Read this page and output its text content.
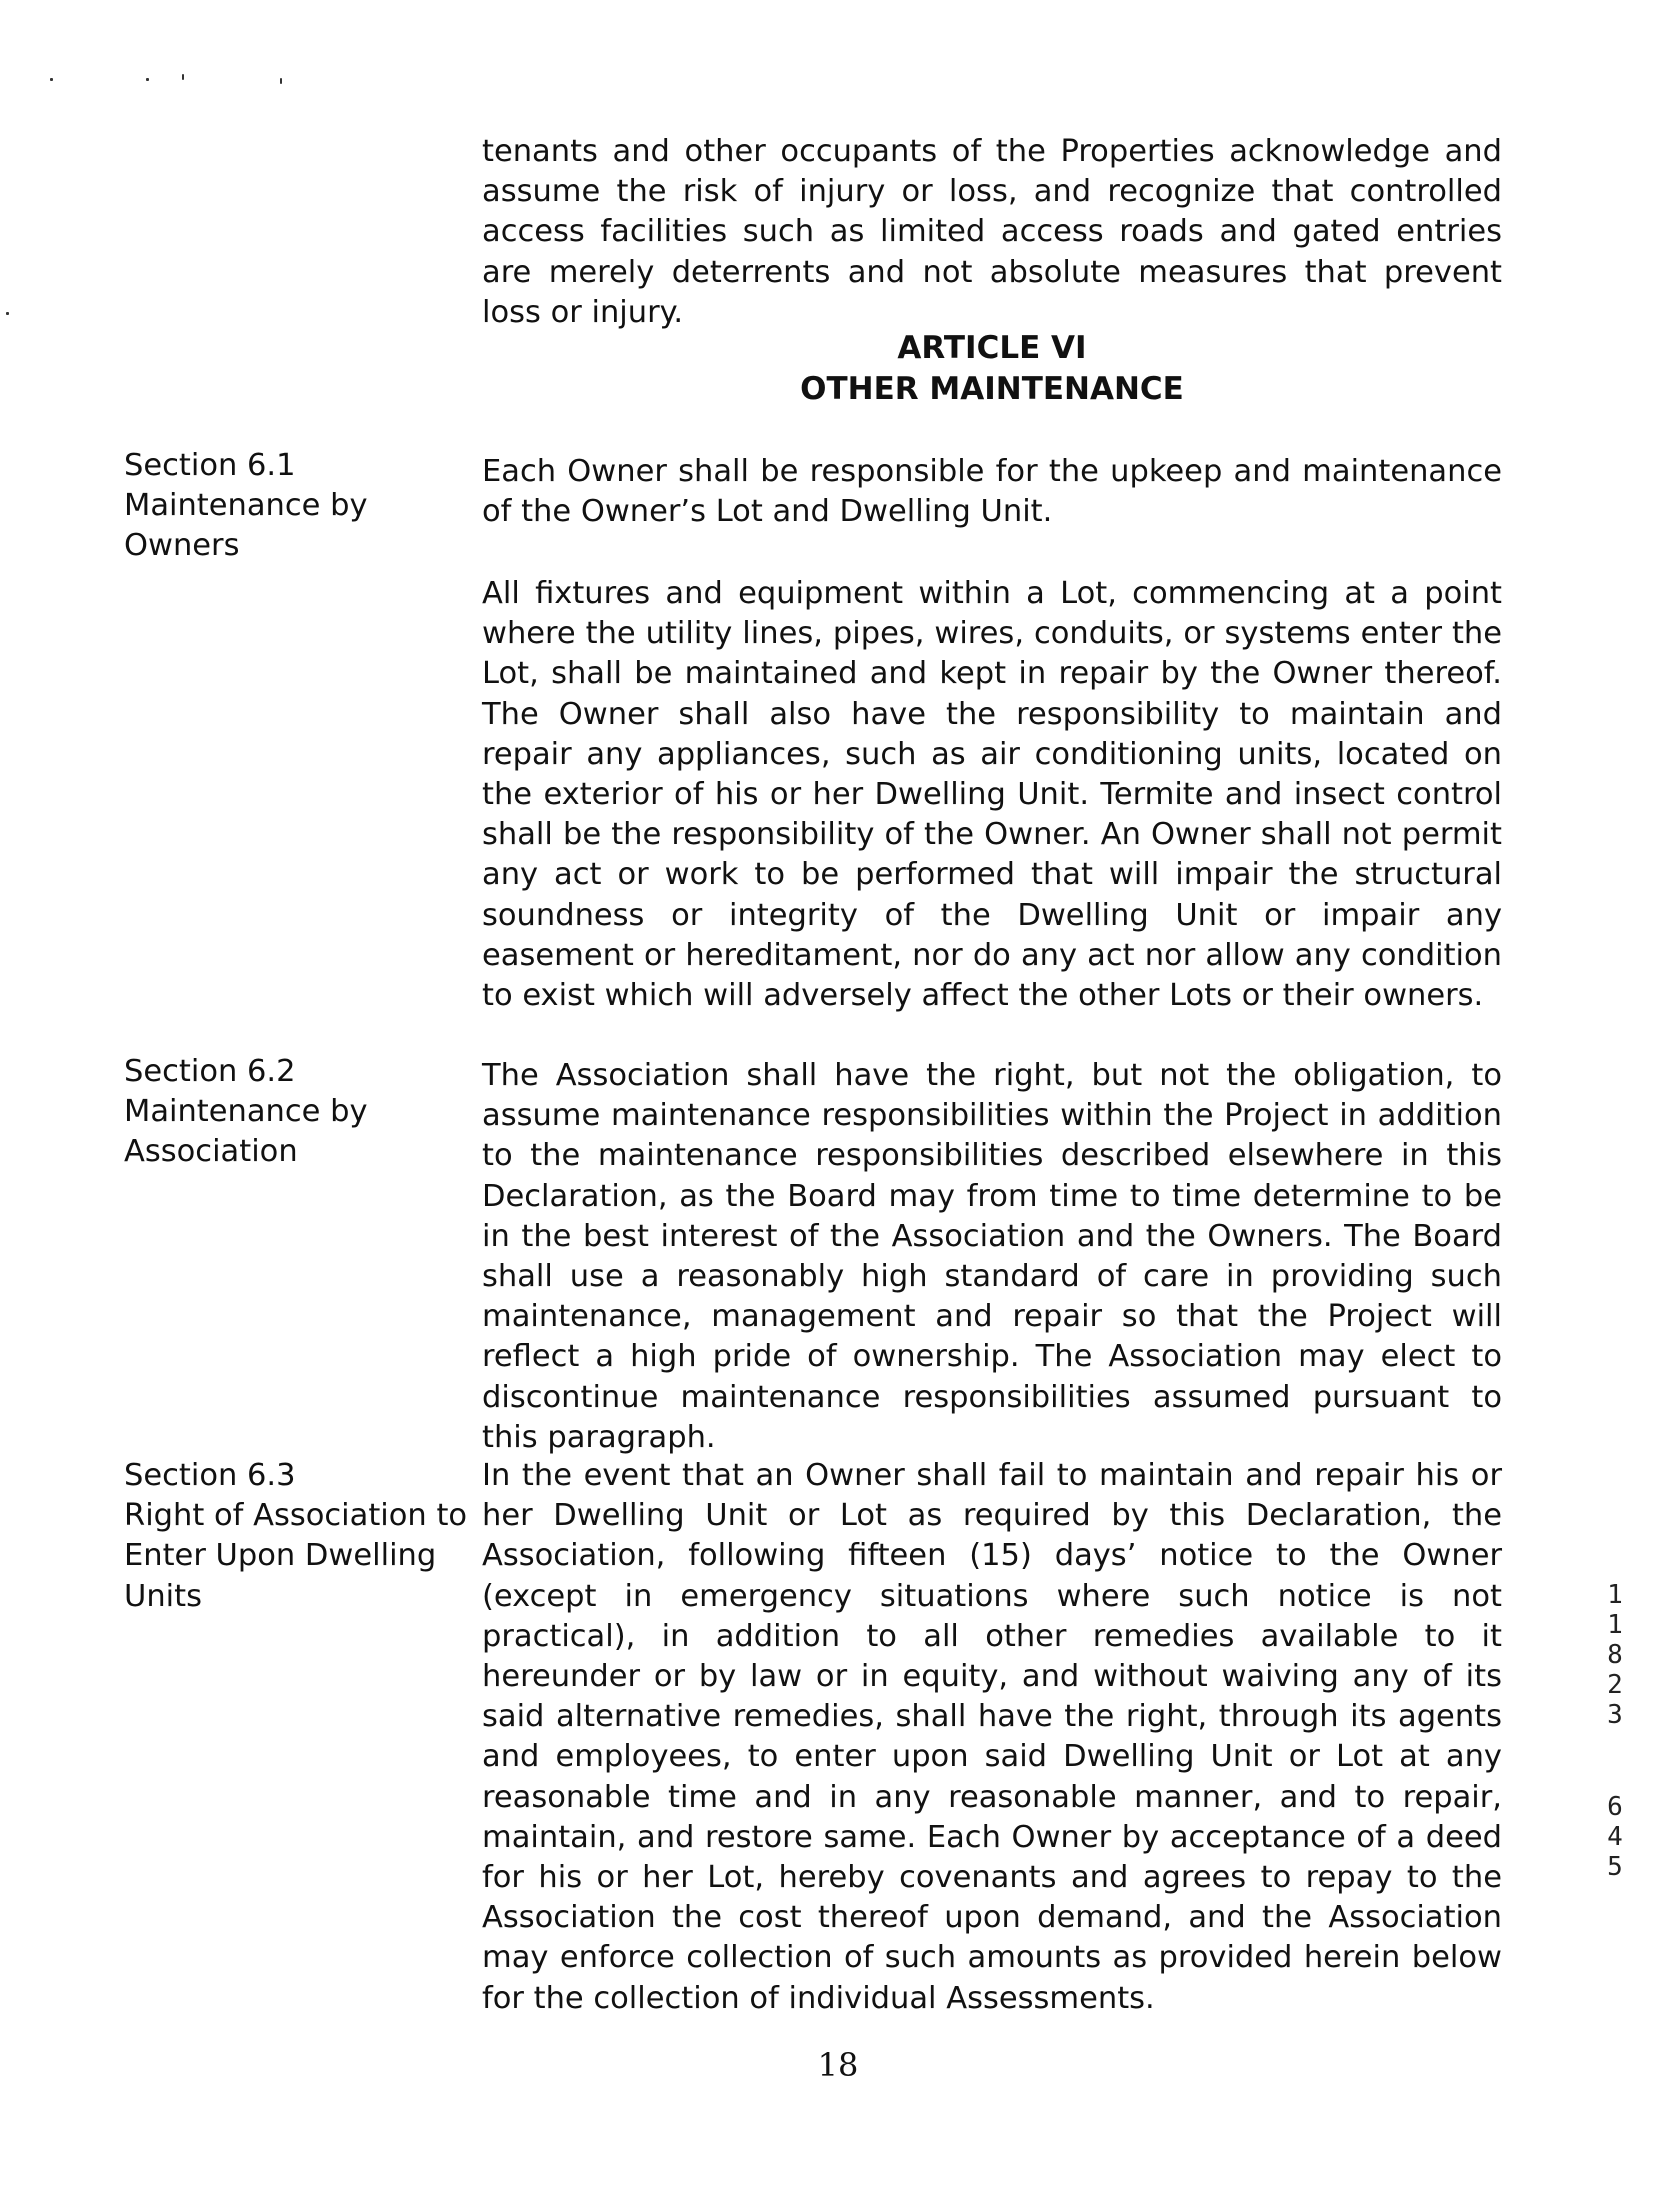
tenants and other occupants of the Properties acknowledge and assume the risk of injury or loss, and recognize that controlled access facilities such as limited access roads and gated entries are merely deterrents and not absolute measures that prevent loss or injury.

ARTICLE VI
OTHER MAINTENANCE
Section 6.1
Maintenance by
Owners

Each Owner shall be responsible for the upkeep and maintenance of the Owner’s Lot and Dwelling Unit.

All fixtures and equipment within a Lot, commencing at a point where the utility lines, pipes, wires, conduits, or systems enter the Lot, shall be maintained and kept in repair by the Owner thereof. The Owner shall also have the responsibility to maintain and repair any appliances, such as air conditioning units, located on the exterior of his or her Dwelling Unit. Termite and insect control shall be the responsibility of the Owner. An Owner shall not permit any act or work to be performed that will impair the structural soundness or integrity of the Dwelling Unit or impair any easement or hereditament, nor do any act nor allow any condition to exist which will adversely affect the other Lots or their owners.

Section 6.2
Maintenance by
Association

The Association shall have the right, but not the obligation, to assume maintenance responsibilities within the Project in addition to the maintenance responsibilities described elsewhere in this Declaration, as the Board may from time to time determine to be in the best interest of the Association and the Owners. The Board shall use a reasonably high standard of care in providing such maintenance, management and repair so that the Project will reflect a high pride of ownership. The Association may elect to discontinue maintenance responsibilities assumed pursuant to this paragraph.

Section 6.3
Right of Association to
Enter Upon Dwelling
Units

In the event that an Owner shall fail to maintain and repair his or her Dwelling Unit or Lot as required by this Declaration, the Association, following fifteen (15) days’ notice to the Owner (except in emergency situations where such notice is not practical), in addition to all other remedies available to it hereunder or by law or in equity, and without waiving any of its said alternative remedies, shall have the right, through its agents and employees, to enter upon said Dwelling Unit or Lot at any reasonable time and in any reasonable manner, and to repair, maintain, and restore same. Each Owner by acceptance of a deed for his or her Lot, hereby covenants and agrees to repay to the Association the cost thereof upon demand, and the Association may enforce collection of such amounts as provided herein below for the collection of individual Assessments.

18
1
1
8
2
3
6
4
5
